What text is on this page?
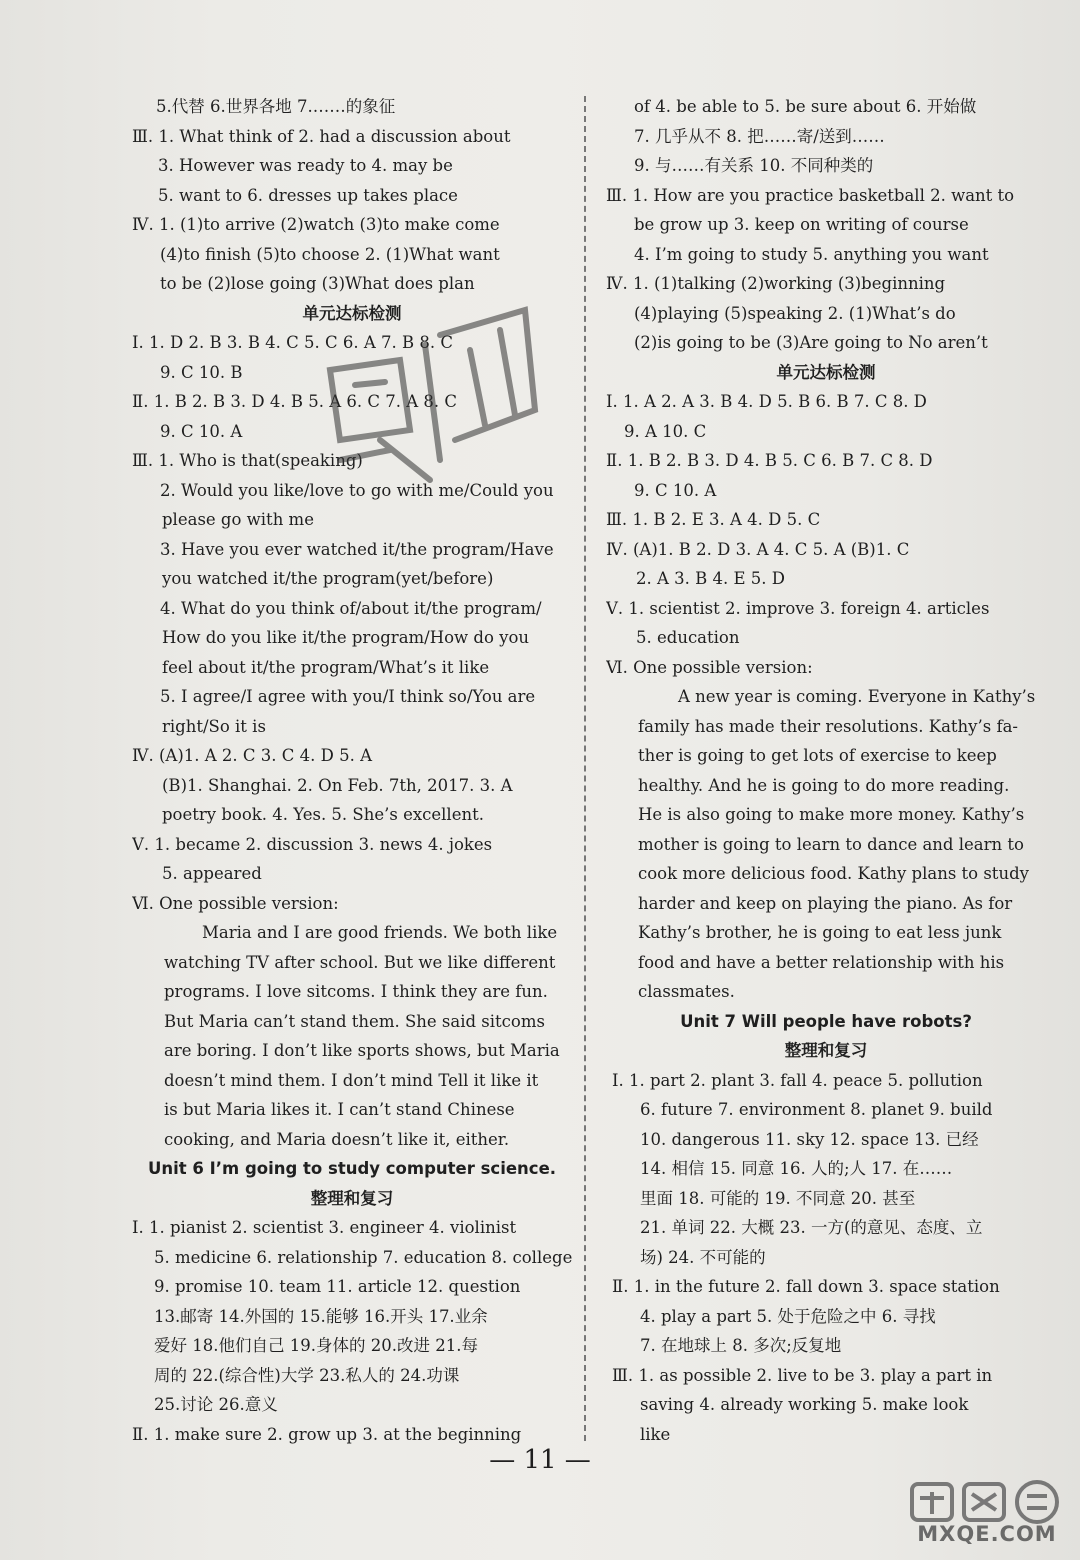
5.代替 6.世界各地 7.……的象征
Ⅲ. 1. What think of 2. had a discussion about
3. However was ready to 4. may be
5. want to 6. dresses up takes place
Ⅳ. 1. (1)to arrive (2)watch (3)to make come
(4)to finish (5)to choose 2. (1)What want
to be (2)lose going (3)What does plan
单元达标检测
Ⅰ. 1. D 2. B 3. B 4. C 5. C 6. A 7. B 8. C
9. C 10. B
Ⅱ. 1. B 2. B 3. D 4. B 5. A 6. C 7. A 8. C
9. C 10. A
Ⅲ. 1. Who is that(speaking)
2. Would you like/love to go with me/Could you
please go with me
3. Have you ever watched it/the program/Have
you watched it/the program(yet/before)
4. What do you think of/about it/the program/
How do you like it/the program/How do you
feel about it/the program/What’s it like
5. I agree/I agree with you/I think so/You are
right/So it is
Ⅳ. (A)1. A 2. C 3. C 4. D 5. A
(B)1. Shanghai. 2. On Feb. 7th, 2017. 3. A
poetry book. 4. Yes. 5. She’s excellent.
Ⅴ. 1. became 2. discussion 3. news 4. jokes
5. appeared
Ⅵ. One possible version:
Maria and I are good friends. We both like
watching TV after school. But we like different
programs. I love sitcoms. I think they are fun.
But Maria can’t stand them. She said sitcoms
are boring. I don’t like sports shows, but Maria
doesn’t mind them. I don’t mind Tell it like it
is but Maria likes it. I can’t stand Chinese
cooking, and Maria doesn’t like it, either.
Unit 6 I’m going to study computer science.
整理和复习
Ⅰ. 1. pianist 2. scientist 3. engineer 4. violinist
5. medicine 6. relationship 7. education 8. college
9. promise 10. team 11. article 12. question
13.邮寄 14.外国的 15.能够 16.开头 17.业余
爱好 18.他们自己 19.身体的 20.改进 21.每
周的 22.(综合性)大学 23.私人的 24.功课
25.讨论 26.意义
Ⅱ. 1. make sure 2. grow up 3. at the beginning
of 4. be able to 5. be sure about 6. 开始做
7. 几乎从不 8. 把……寄/送到……
9. 与……有关系 10. 不同种类的
Ⅲ. 1. How are you practice basketball 2. want to
be grow up 3. keep on writing of course
4. I’m going to study 5. anything you want
Ⅳ. 1. (1)talking (2)working (3)beginning
(4)playing (5)speaking 2. (1)What’s do
(2)is going to be (3)Are going to No aren’t
单元达标检测
Ⅰ. 1. A 2. A 3. B 4. D 5. B 6. B 7. C 8. D
9. A 10. C
Ⅱ. 1. B 2. B 3. D 4. B 5. C 6. B 7. C 8. D
9. C 10. A
Ⅲ. 1. B 2. E 3. A 4. D 5. C
Ⅳ. (A)1. B 2. D 3. A 4. C 5. A (B)1. C
2. A 3. B 4. E 5. D
Ⅴ. 1. scientist 2. improve 3. foreign 4. articles
5. education
Ⅵ. One possible version:
A new year is coming. Everyone in Kathy’s
family has made their resolutions. Kathy’s fa-
ther is going to get lots of exercise to keep
healthy. And he is going to do more reading.
He is also going to make more money. Kathy’s
mother is going to learn to dance and learn to
cook more delicious food. Kathy plans to study
harder and keep on playing the piano. As for
Kathy’s brother, he is going to eat less junk
food and have a better relationship with his
classmates.
Unit 7 Will people have robots?
整理和复习
Ⅰ. 1. part 2. plant 3. fall 4. peace 5. pollution
6. future 7. environment 8. planet 9. build
10. dangerous 11. sky 12. space 13. 已经
14. 相信 15. 同意 16. 人的;人 17. 在……
里面 18. 可能的 19. 不同意 20. 甚至
21. 单词 22. 大概 23. 一方(的意见、态度、立
场) 24. 不可能的
Ⅱ. 1. in the future 2. fall down 3. space station
4. play a part 5. 处于危险之中 6. 寻找
7. 在地球上 8. 多次;反复地
Ⅲ. 1. as possible 2. live to be 3. play a part in
saving 4. already working 5. make look
like
— 11 —
MXQE.COM
